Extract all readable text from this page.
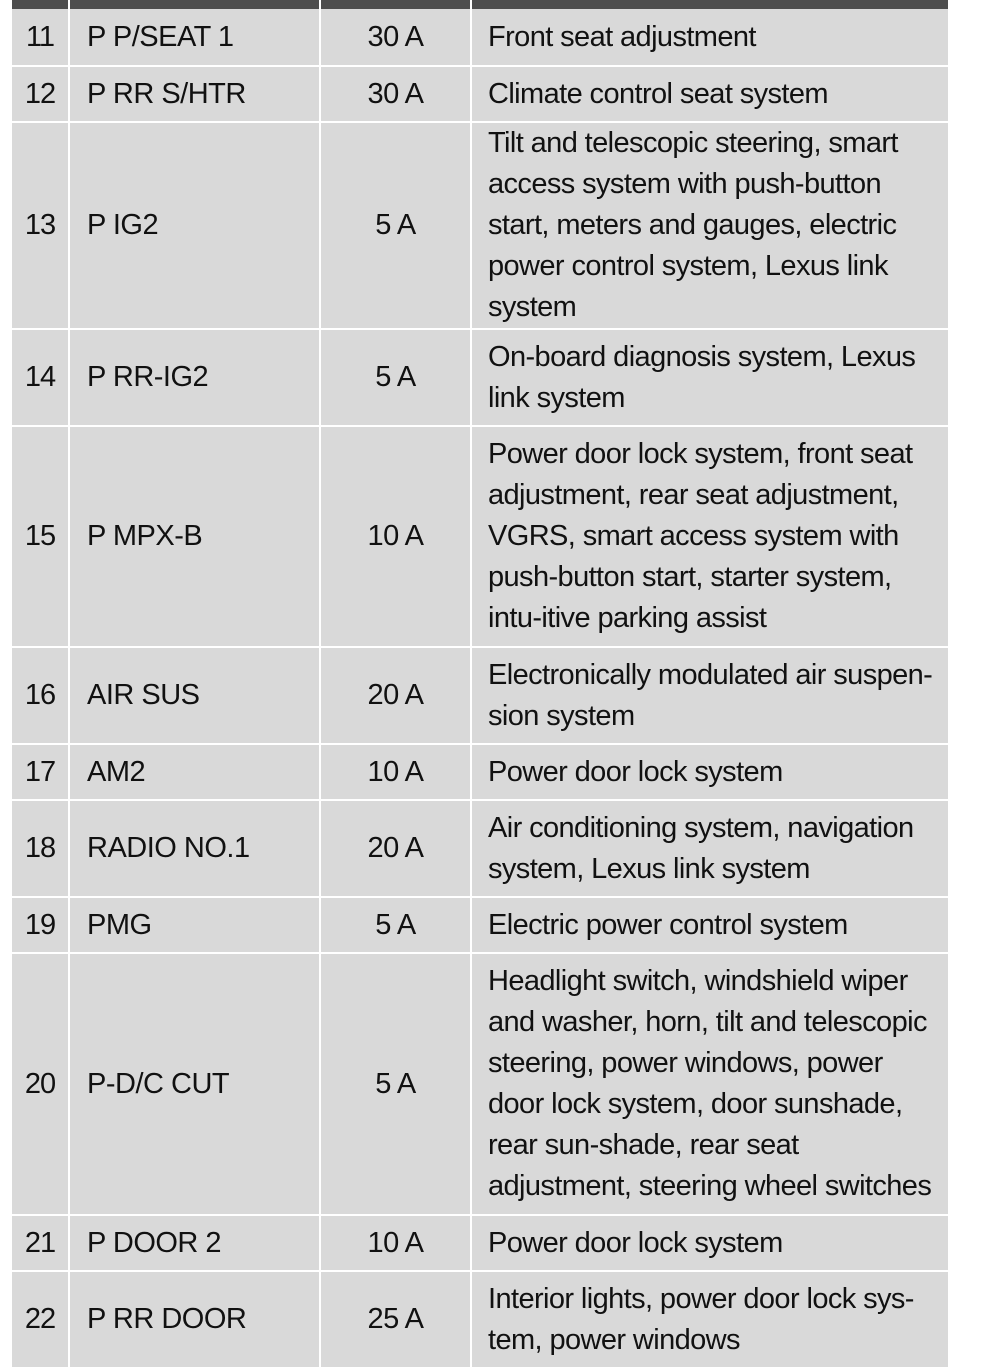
11	P P/SEAT 1	30 A	Front seat adjustment
12	P RR S/HTR	30 A	Climate control seat system
13	P IG2	5 A	Tilt and telescopic steering, smart access system with push-button start, meters and gauges, electric power control system, Lexus link system
14	P RR-IG2	5 A	On-board diagnosis system, Lexus link system
15	P MPX-B	10 A	Power door lock system, front seat adjustment, rear seat adjustment, VGRS, smart access system with push-button start, starter system, intu-itive parking assist
16	AIR SUS	20 A	Electronically modulated air suspen-sion system
17	AM2	10 A	Power door lock system
18	RADIO NO.1	20 A	Air conditioning system, navigation system, Lexus link system
19	PMG	5 A	Electric power control system
20	P-D/C CUT	5 A	Headlight switch, windshield wiper and washer, horn, tilt and telescopic steering, power windows, power door lock system, door sunshade, rear sun-shade, rear seat adjustment, steering wheel switches
21	P DOOR 2	10 A	Power door lock system
22	P RR DOOR	25 A	Interior lights, power door lock sys-tem, power windows
